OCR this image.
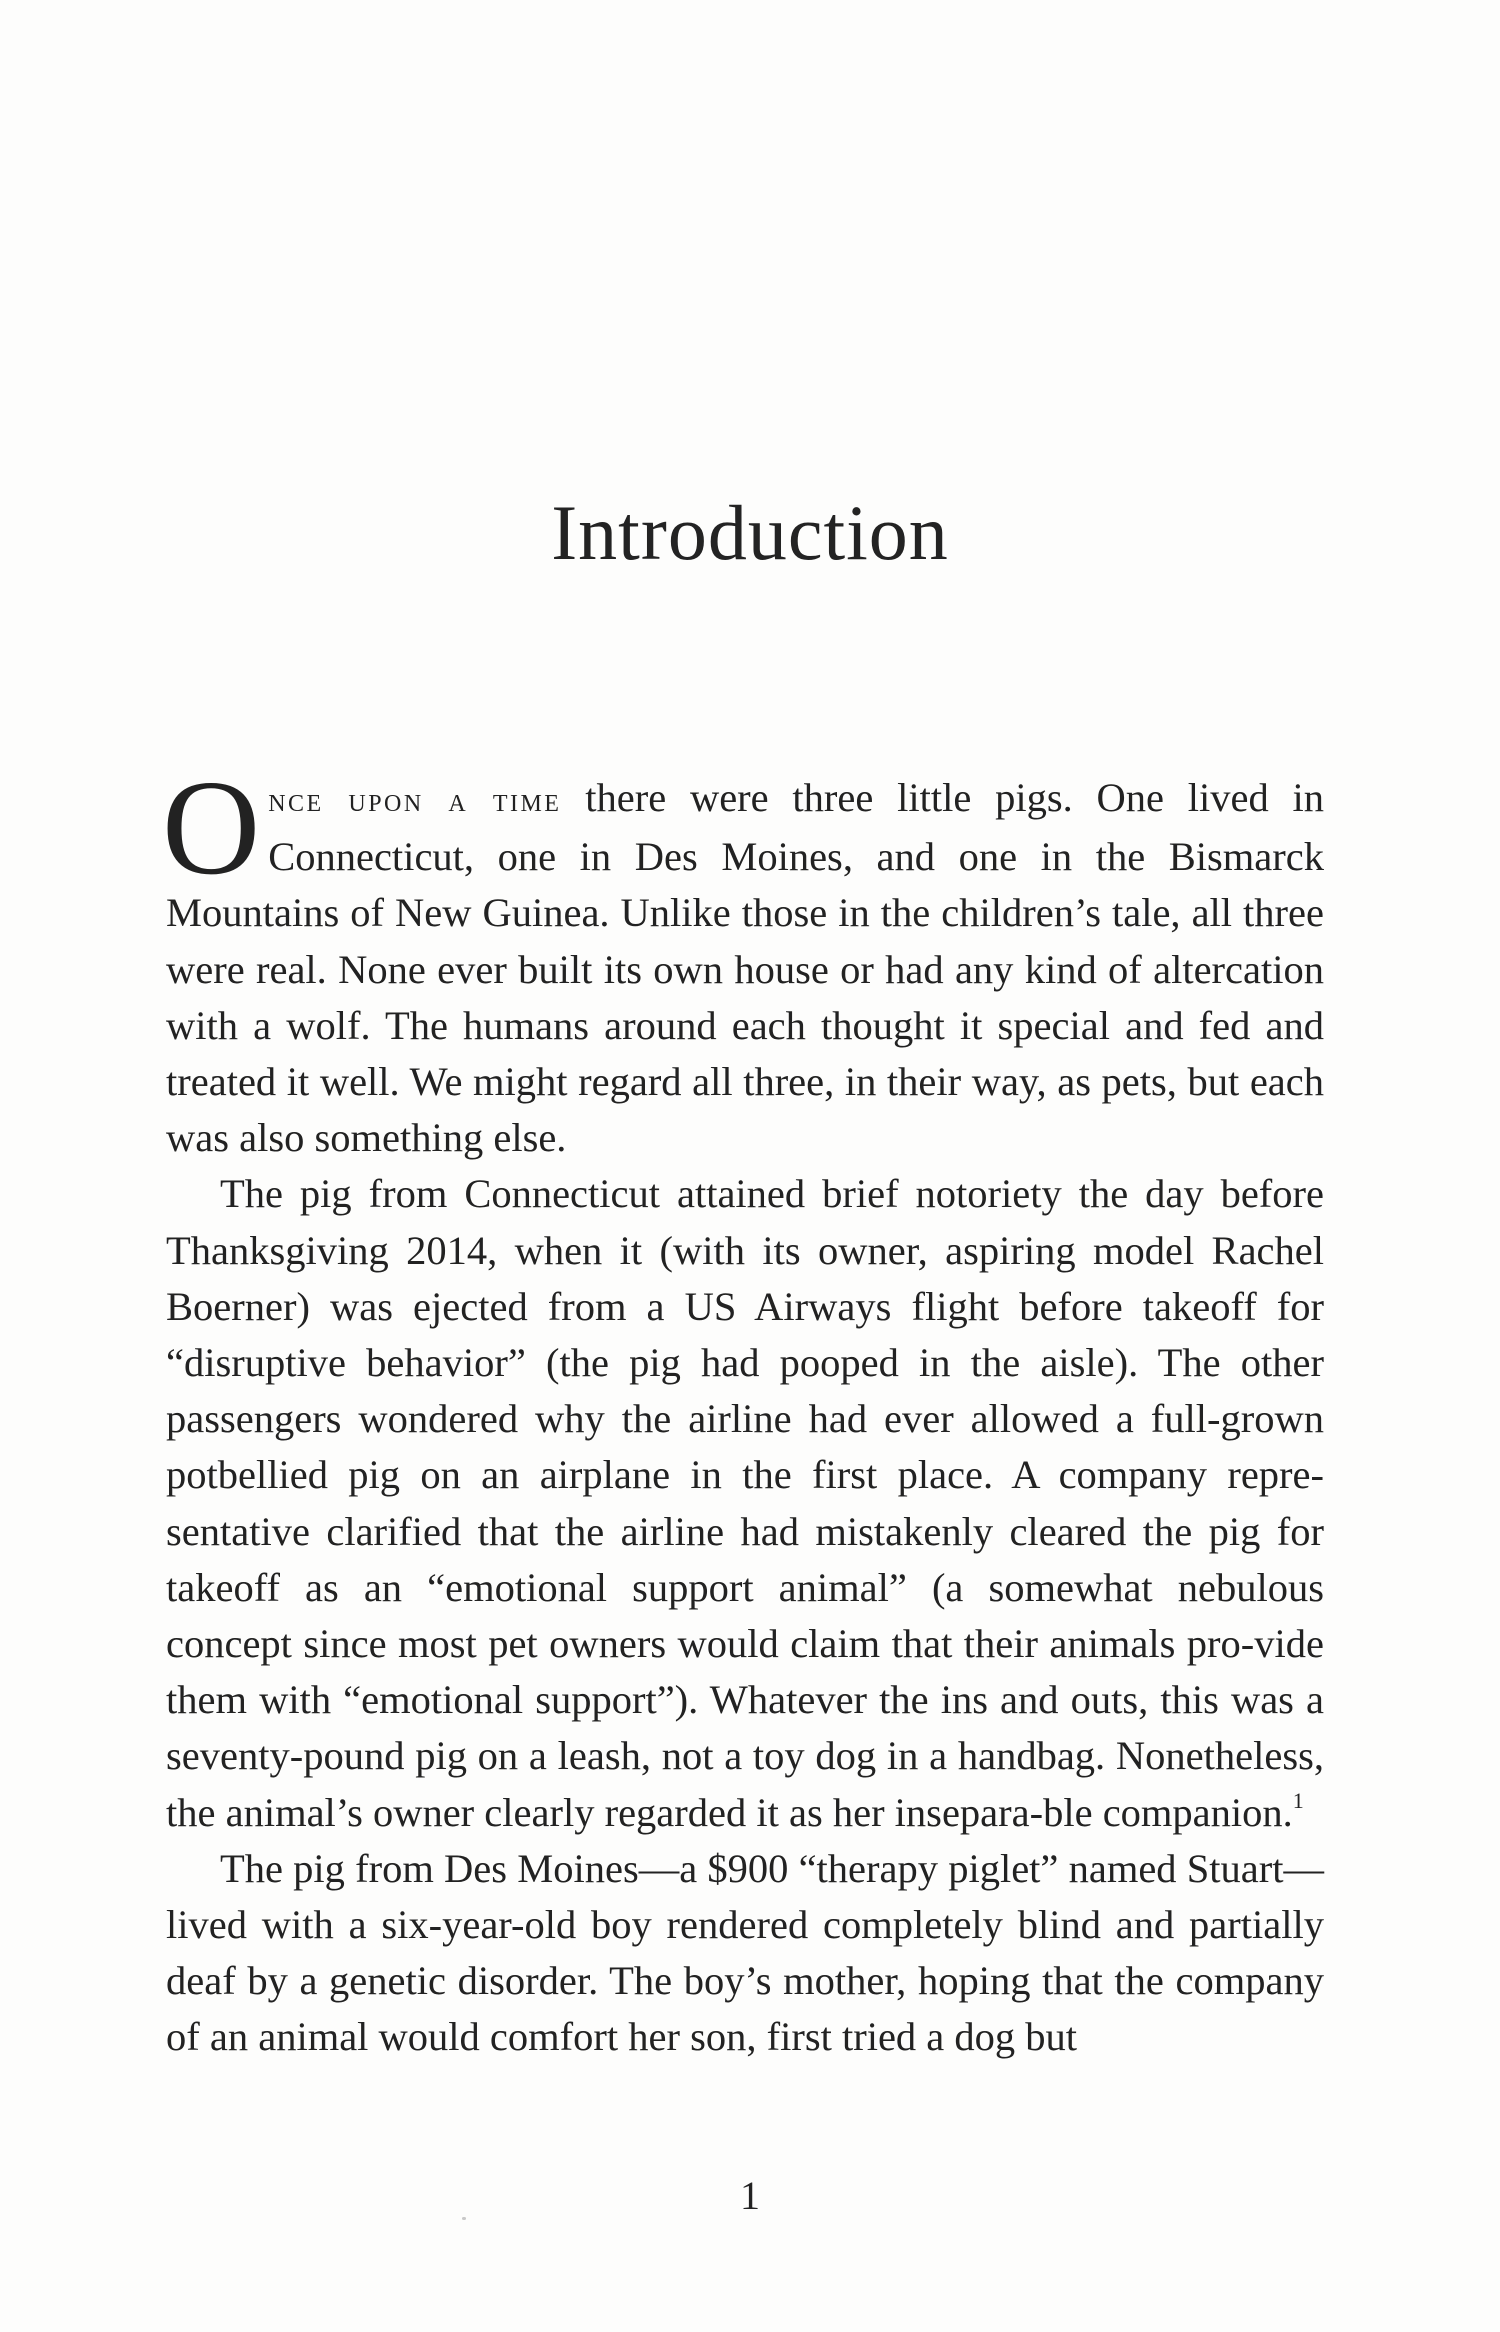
Introduction

Once upon a time there were three little pigs. One lived in Connecticut, one in Des Moines, and one in the Bismarck Mountains of New Guinea. Unlike those in the children’s tale, all three were real. None ever built its own house or had any kind of altercation with a wolf. The humans around each thought it special and fed and treated it well. We might regard all three, in their way, as pets, but each was also something else.

The pig from Connecticut attained brief notoriety the day before Thanksgiving 2014, when it (with its owner, aspiring model Rachel Boerner) was ejected from a US Airways flight before takeoff for “disruptive behavior” (the pig had pooped in the aisle). The other passengers wondered why the airline had ever allowed a full-grown potbellied pig on an airplane in the first place. A company repre-sentative clarified that the airline had mistakenly cleared the pig for takeoff as an “emotional support animal” (a somewhat nebulous concept since most pet owners would claim that their animals pro-vide them with “emotional support”). Whatever the ins and outs, this was a seventy-pound pig on a leash, not a toy dog in a handbag. Nonetheless, the animal’s owner clearly regarded it as her insepara-ble companion.$^1$

The pig from Des Moines—a $900 “therapy piglet” named Stuart—lived with a six-year-old boy rendered completely blind and partially deaf by a genetic disorder. The boy’s mother, hoping that the company of an animal would comfort her son, first tried a dog but

1
